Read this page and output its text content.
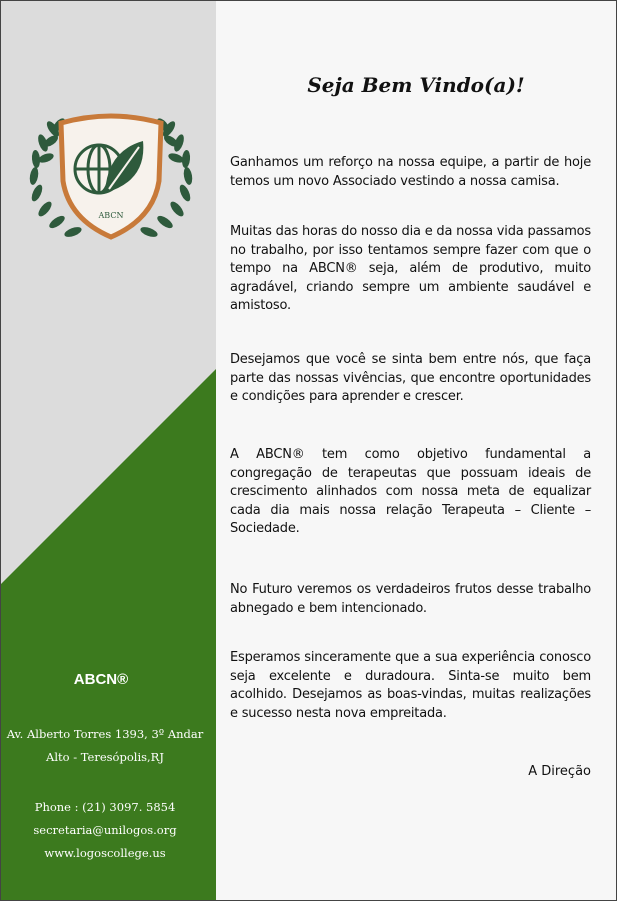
ABCN
ABCN®
Av. Alberto Torres 1393, 3º Andar
Alto - Teresópolis,RJ
Phone : (21) 3097. 5854
secretaria@unilogos.org
www.logoscollege.us
Seja Bem Vindo(a)!
Ganhamos um reforço na nossa equipe, a partir de hoje temos um novo Associado vestindo a nossa camisa.
Muitas das horas do nosso dia e da nossa vida passamos no trabalho, por isso tentamos sempre fazer com que o tempo na ABCN® seja, além de produtivo, muito agradável, criando sempre um ambiente saudável e amistoso.
Desejamos que você se sinta bem entre nós, que faça parte das nossas vivências, que encontre oportunidades e condições para aprender e crescer.
A ABCN® tem como objetivo fundamental a congregação de terapeutas que possuam ideais de crescimento alinhados com nossa meta de equalizar cada dia mais nossa relação Terapeuta – Cliente – Sociedade.
No Futuro veremos os verdadeiros frutos desse trabalho abnegado e bem intencionado.
Esperamos sinceramente que a sua experiência conosco seja excelente e duradoura. Sinta-se muito bem acolhido. Desejamos as boas-vindas, muitas realizações e sucesso nesta nova empreitada.
A Direção
